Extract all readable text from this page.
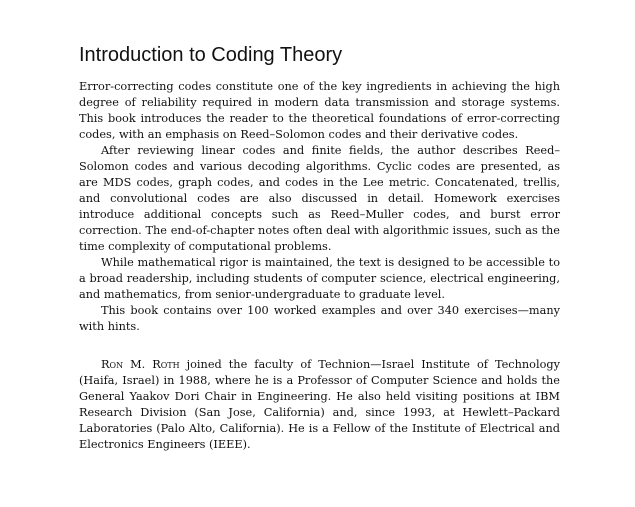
Introduction to Coding Theory

Error-correcting codes constitute one of the key ingredients in achieving the high degree of reliability required in modern data transmission and storage systems. This book introduces the reader to the theoretical foundations of error-correcting codes, with an emphasis on Reed–Solomon codes and their derivative codes.

After reviewing linear codes and finite fields, the author describes Reed–Solomon codes and various decoding algorithms. Cyclic codes are presented, as are MDS codes, graph codes, and codes in the Lee metric. Concatenated, trellis, and convolutional codes are also discussed in detail. Homework exercises introduce additional concepts such as Reed–Muller codes, and burst error correction. The end-of-chapter notes often deal with algorithmic issues, such as the time complexity of computational problems.

While mathematical rigor is maintained, the text is designed to be accessible to a broad readership, including students of computer science, electrical engineering, and mathematics, from senior-undergraduate to graduate level.

This book contains over 100 worked examples and over 340 exercises—many with hints.

Ron M. Roth joined the faculty of Technion—Israel Institute of Technology (Haifa, Israel) in 1988, where he is a Professor of Computer Science and holds the General Yaakov Dori Chair in Engineering. He also held visiting positions at IBM Research Division (San Jose, California) and, since 1993, at Hewlett–Packard Laboratories (Palo Alto, California). He is a Fellow of the Institute of Electrical and Electronics Engineers (IEEE).
